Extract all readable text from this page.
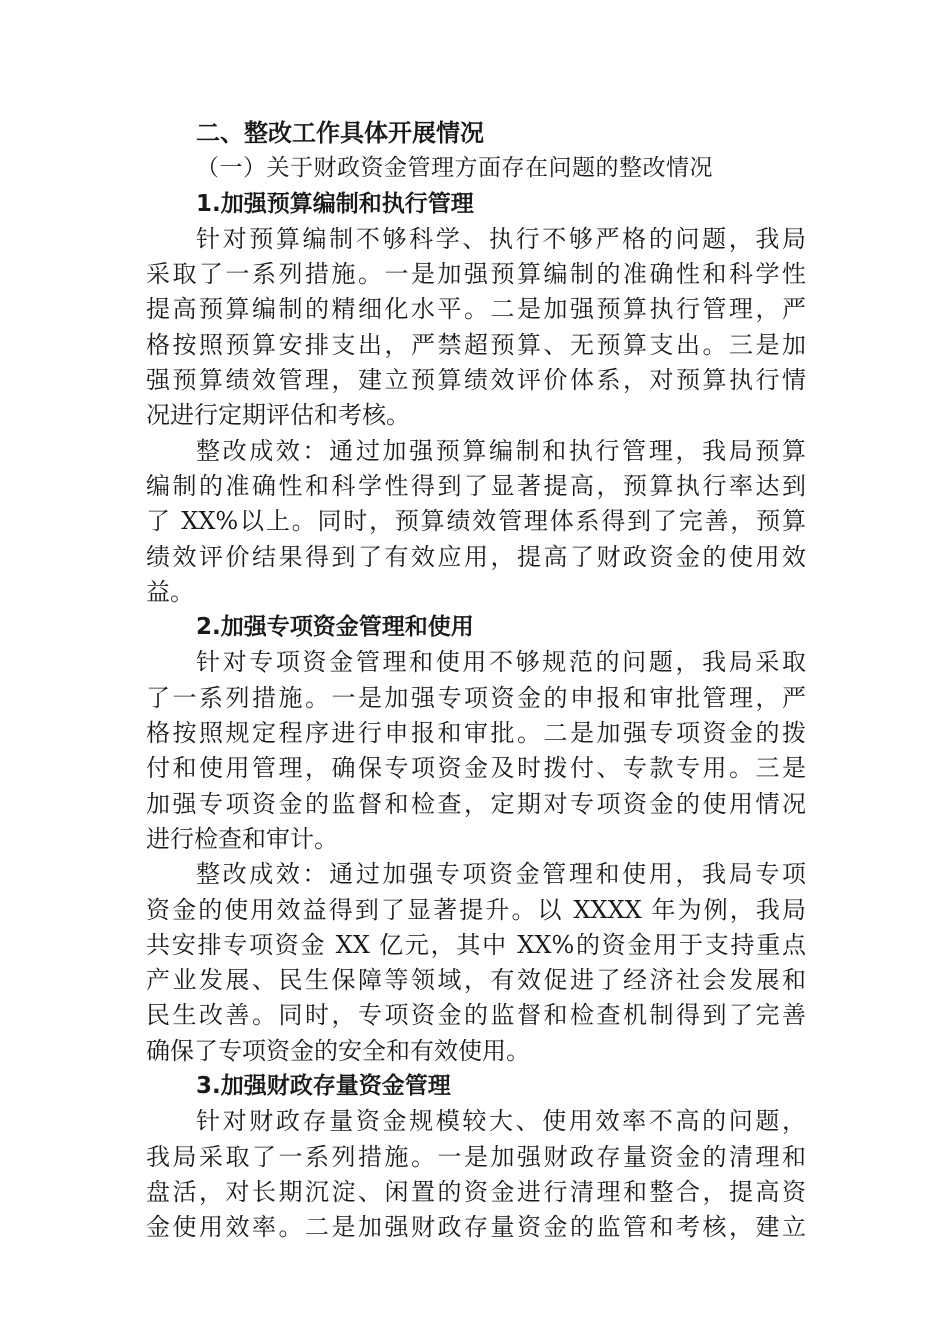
二、整改工作具体开展情况
（一）关于财政资金管理方面存在问题的整改情况
1.加强预算编制和执行管理
针对预算编制不够科学、执行不够严格的问题，我局
采取了一系列措施。一是加强预算编制的准确性和科学性
提高预算编制的精细化水平。二是加强预算执行管理，严
格按照预算安排支出，严禁超预算、无预算支出。三是加
强预算绩效管理，建立预算绩效评价体系，对预算执行情
况进行定期评估和考核。
整改成效：通过加强预算编制和执行管理，我局预算
编制的准确性和科学性得到了显著提高，预算执行率达到
了 XX%以上。同时，预算绩效管理体系得到了完善，预算
绩效评价结果得到了有效应用，提高了财政资金的使用效
益。
2.加强专项资金管理和使用
针对专项资金管理和使用不够规范的问题，我局采取
了一系列措施。一是加强专项资金的申报和审批管理，严
格按照规定程序进行申报和审批。二是加强专项资金的拨
付和使用管理，确保专项资金及时拨付、专款专用。三是
加强专项资金的监督和检查，定期对专项资金的使用情况
进行检查和审计。
整改成效：通过加强专项资金管理和使用，我局专项
资金的使用效益得到了显著提升。以 XXXX 年为例，我局
共安排专项资金 XX 亿元，其中 XX%的资金用于支持重点
产业发展、民生保障等领域，有效促进了经济社会发展和
民生改善。同时，专项资金的监督和检查机制得到了完善
确保了专项资金的安全和有效使用。
3.加强财政存量资金管理
针对财政存量资金规模较大、使用效率不高的问题，
我局采取了一系列措施。一是加强财政存量资金的清理和
盘活，对长期沉淀、闲置的资金进行清理和整合，提高资
金使用效率。二是加强财政存量资金的监管和考核，建立
